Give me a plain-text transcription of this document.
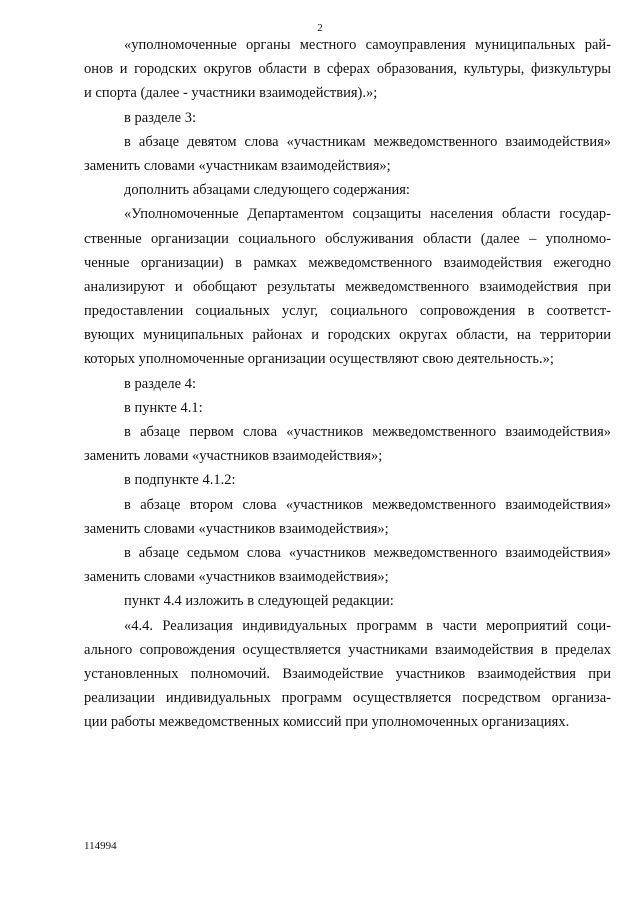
2
«уполномоченные органы местного самоуправления муниципальных рай-
онов и городских округов области в сферах образования, культуры, физкультуры
и спорта (далее - участники взаимодействия).»;
в разделе 3:
в абзаце девятом слова «участникам межведомственного взаимодействия»
заменить словами «участникам взаимодействия»;
дополнить абзацами следующего содержания:
«Уполномоченные Департаментом соцзащиты населения области государ-
ственные организации социального обслуживания области (далее – уполномо-
ченные организации) в рамках межведомственного взаимодействия ежегодно
анализируют и обобщают результаты межведомственного взаимодействия при
предоставлении социальных услуг, социального сопровождения в соответст-
вующих муниципальных районах и городских округах области, на территории
которых уполномоченные организации осуществляют свою деятельность.»;
в разделе 4:
в пункте 4.1:
в абзаце первом слова «участников межведомственного взаимодействия»
заменить ловами «участников взаимодействия»;
в подпункте 4.1.2:
в абзаце втором слова «участников межведомственного взаимодействия»
заменить словами «участников взаимодействия»;
в абзаце седьмом слова «участников межведомственного взаимодействия»
заменить словами «участников взаимодействия»;
пункт 4.4 изложить в следующей редакции:
«4.4. Реализация индивидуальных программ в части мероприятий соци-
ального сопровождения осуществляется участниками взаимодействия в пределах
установленных полномочий. Взаимодействие участников взаимодействия при
реализации индивидуальных программ осуществляется посредством организа-
ции работы межведомственных комиссий при уполномоченных организациях.
114994
